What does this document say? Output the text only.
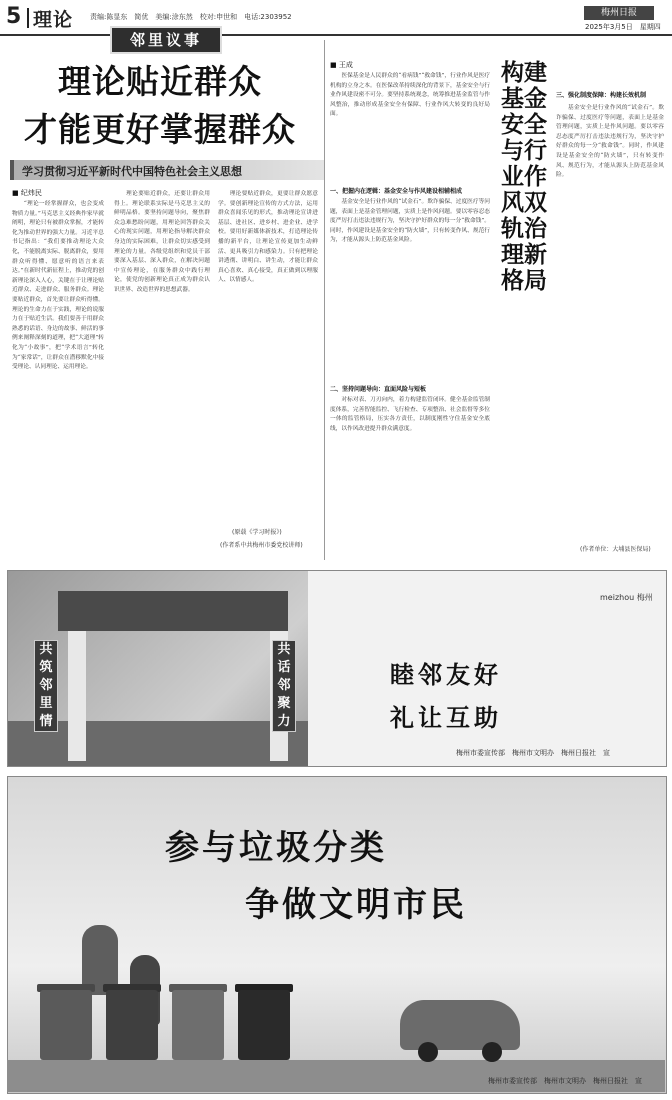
5 理论 责编:陈显东　简优　美编:涂东然　校对:申世和　电话:2303952	梅州日报
2025年3月5日　星期四
理论贴近群众
才能更好掌握群众
学习贯彻习近平新时代中国特色社会主义思想
■ 纪炜民
　　“理论一经掌握群众，也会变成物质力量。”马克思主义经典作家早就阐明，理论只有被群众掌握，才能转化为推动世界的强大力量。习近平总书记指出：“我们要推动理论大众化，不能脱离实际、脱离群众，要用群众听得懂、愿意听的语言来表达。”在新时代新征程上，推动党的创新理论深入人心，关键在于让理论贴近群众、走进群众、服务群众。理论要贴近群众，首先要让群众听得懂。理论的生命力在于实践，理论的说服力在于贴近生活。我们要善于用群众熟悉的话语、身边的故事、鲜活的事例来阐释深刻的道理，把“大道理”转化为“小故事”，把“学术语言”转化为“家常话”，让群众在潜移默化中接受理论、认同理论、运用理论。
　　理论要贴近群众，还要让群众用得上。理论联系实际是马克思主义的鲜明品格。要坚持问题导向，聚焦群众急难愁盼问题，用理论回答群众关心的现实问题，用理论指导解决群众身边的实际困难，让群众切实感受到理论的力量。各级党组织和党员干部要深入基层、深入群众，在解决问题中宣传理论，在服务群众中践行理论，使党的创新理论真正成为群众认识世界、改造世界的思想武器。
　　理论要贴近群众，更要让群众愿意学。要创新理论宣传的方式方法，运用群众喜闻乐见的形式，推动理论宣讲进基层、进社区、进乡村、进企业、进学校。要用好新媒体新技术，打造理论传播的新平台，让理论宣传更加生动鲜活、更具吸引力和感染力。只有把理论讲透彻、讲明白、讲生动，才能让群众真心喜欢、真心接受，真正做到以理服人、以情感人。
(原载《学习时报》)
(作者系中共梅州市委党校讲师)
■ 王成
　　医保基金是人民群众的“看病钱”“救命钱”，行业作风是医疗机构的立身之本。在医保改革持续深化的背景下，基金安全与行业作风建设密不可分。要坚持系统观念，统筹推进基金监管与作风整治，推动形成基金安全有保障、行业作风大转变的良好局面。
一、把握内在逻辑：基金安全与作风建设相辅相成
　　基金安全是行业作风的“试金石”。欺诈骗保、过度医疗等问题，表面上是基金管理问题，实质上是作风问题。要以零容忍态度严厉打击违法违规行为，坚决守护好群众的每一分“救命钱”。同时，作风建设是基金安全的“防火墙”，只有转变作风、规范行为，才能从源头上防范基金风险。
二、坚持问题导向：直面风险与短板
　　对标对表、刀刃向内，着力构建监管闭环。健全基金监管制度体系，完善智能监控、飞行检查、专项整治、社会监督等多位一体的监管格局，压实各方责任，以制度刚性守住基金安全底线，以作风改进提升群众满意度。
构建基金安全与行业作风双轨治理新格局
三、强化制度保障：构建长效机制
　　基金安全是行业作风的“试金石”。欺诈骗保、过度医疗等问题，表面上是基金管理问题，实质上是作风问题。要以零容忍态度严厉打击违法违规行为，坚决守护好群众的每一分“救命钱”。同时，作风建设是基金安全的“防火墙”，只有转变作风、规范行为，才能从源头上防范基金风险。
(作者单位：大埔县医保局)
邻里议事
共筑邻里情
共话邻聚力
睦邻友好
礼让互助
meizhou 梅州
梅州市委宣传部　梅州市文明办　梅州日报社　宣
参与垃圾分类
争做文明市民
梅州市委宣传部　梅州市文明办　梅州日报社　宣
